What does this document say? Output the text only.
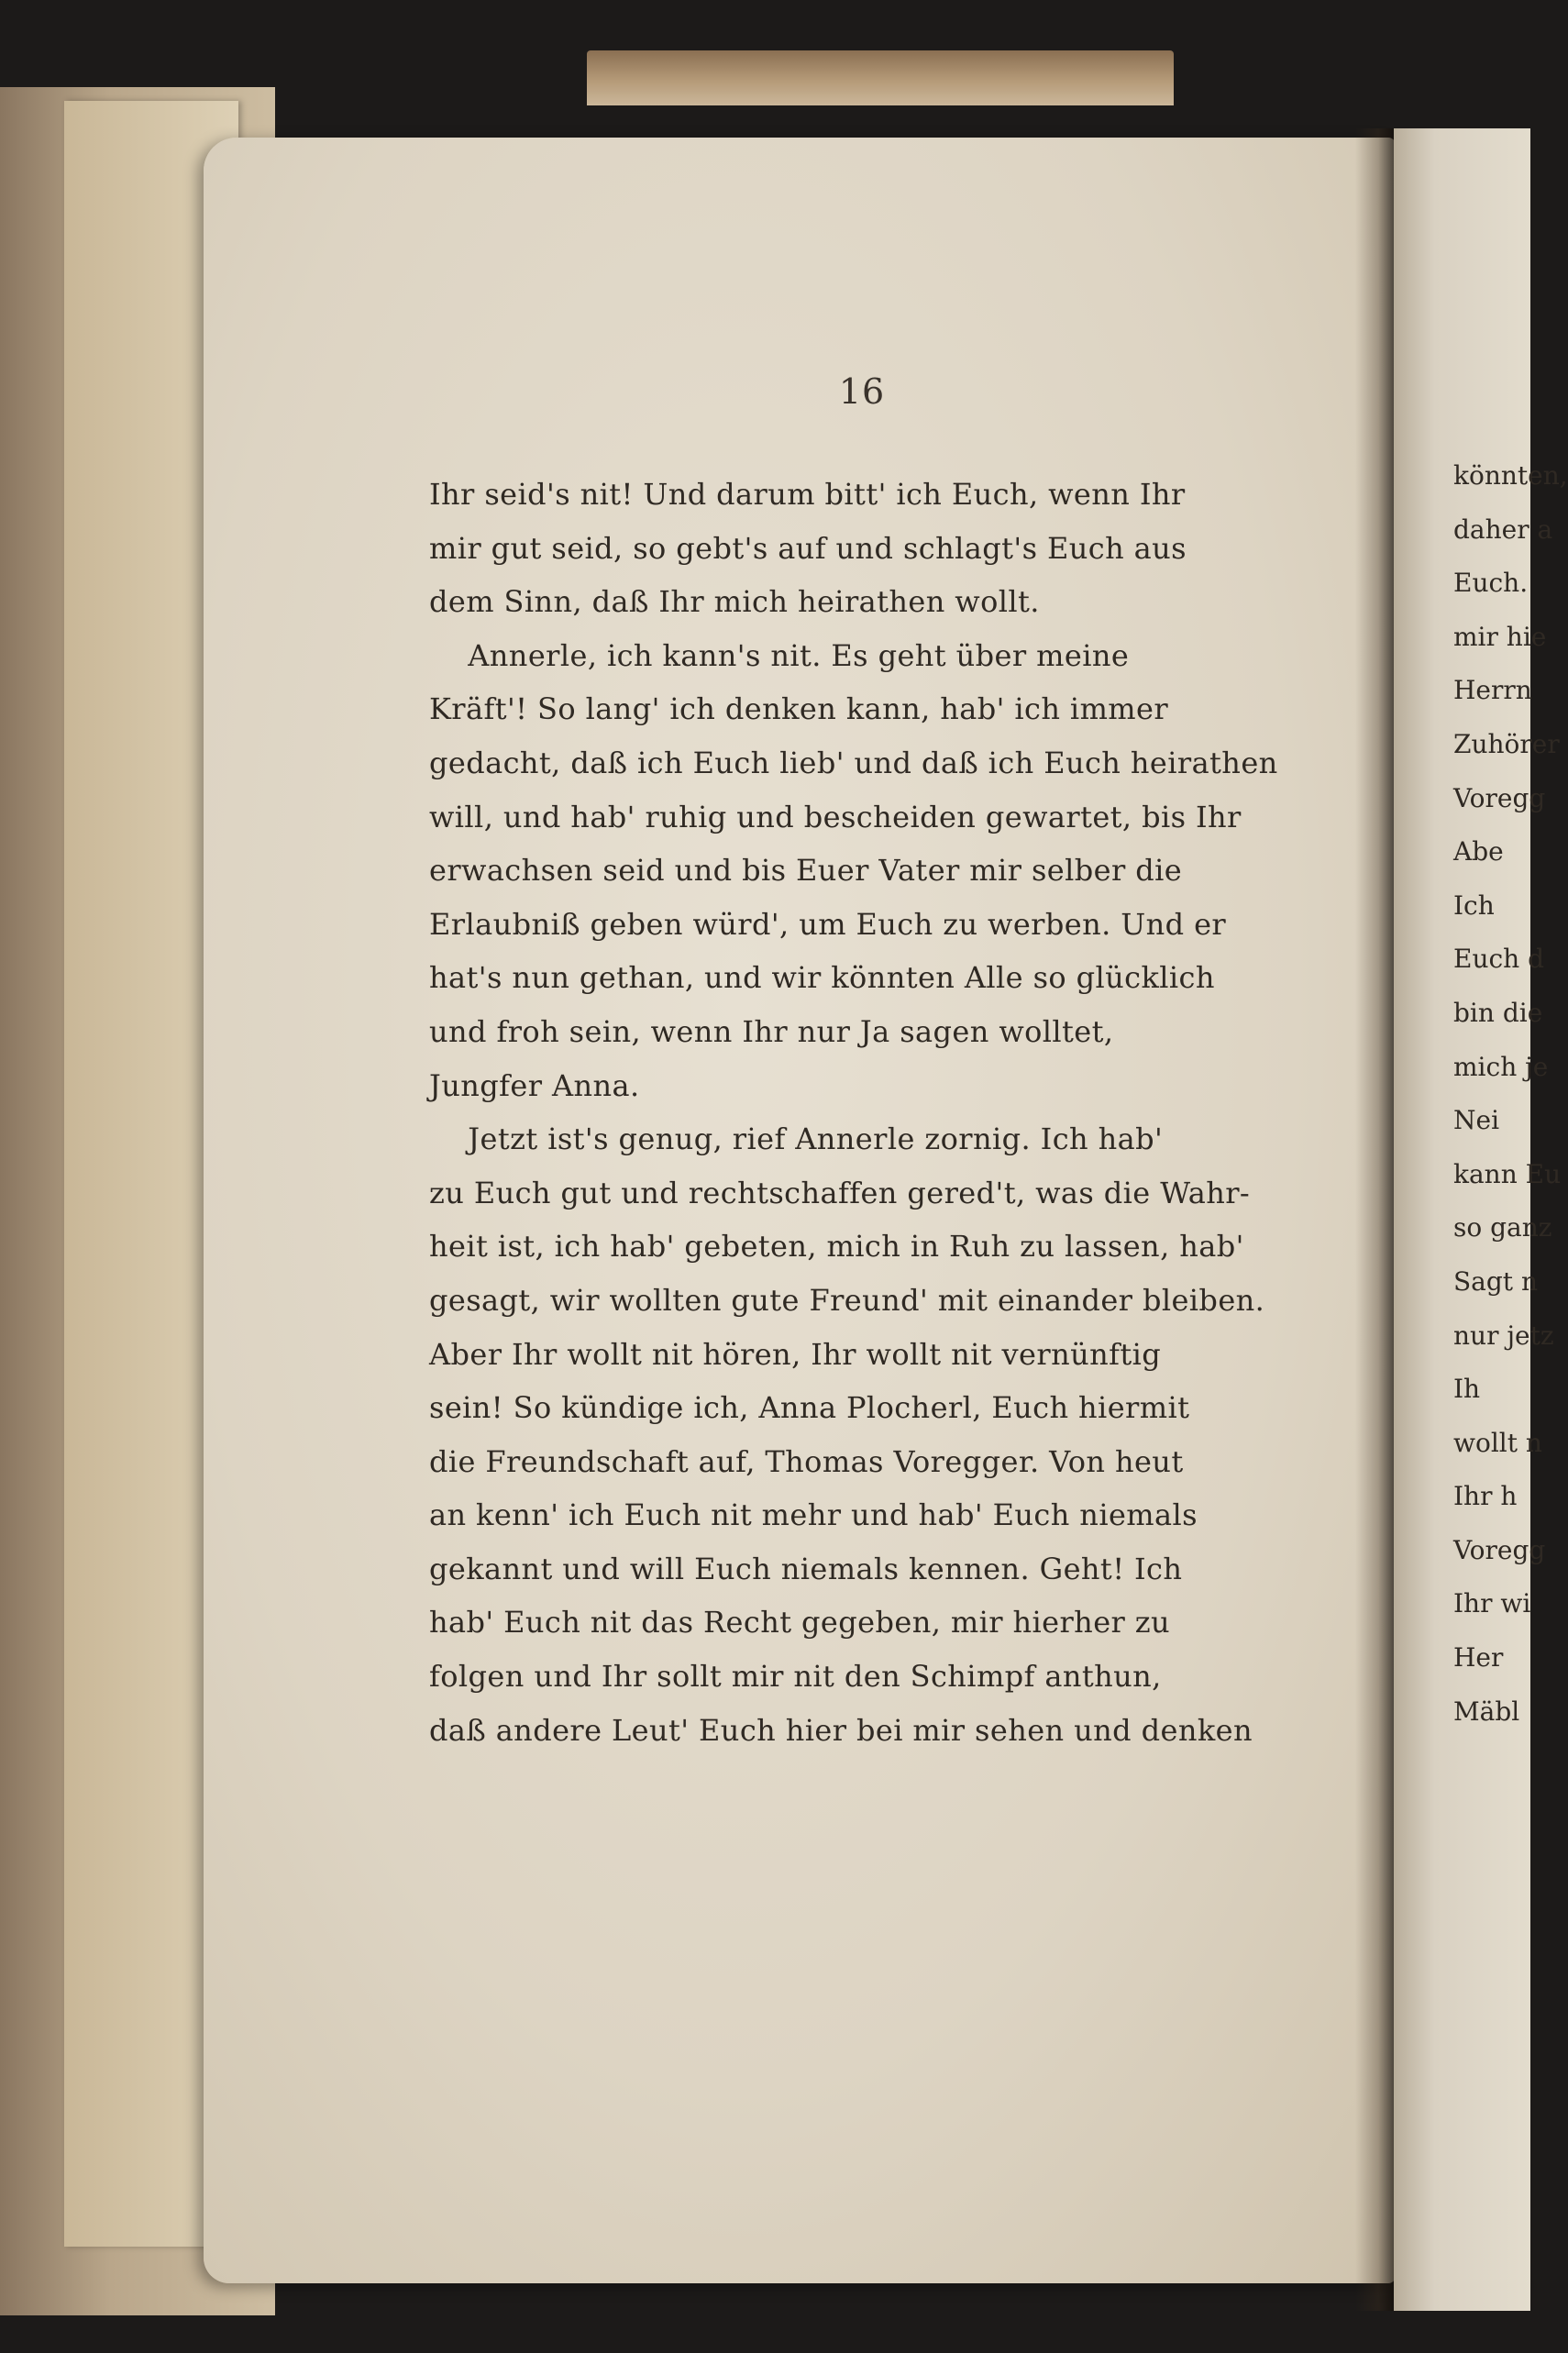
16
Ihr seid's nit! Und darum bitt' ich Euch, wenn Ihr
mir gut seid, so gebt's auf und schlagt's Euch aus
dem Sinn, daß Ihr mich heirathen wollt.
Annerle, ich kann's nit. Es geht über meine
Kräft'! So lang' ich denken kann, hab' ich immer
gedacht, daß ich Euch lieb' und daß ich Euch heirathen
will, und hab' ruhig und bescheiden gewartet, bis Ihr
erwachsen seid und bis Euer Vater mir selber die
Erlaubniß geben würd', um Euch zu werben. Und er
hat's nun gethan, und wir könnten Alle so glücklich
und froh sein, wenn Ihr nur Ja sagen wolltet,
Jungfer Anna.
Jetzt ist's genug, rief Annerle zornig. Ich hab'
zu Euch gut und rechtschaffen gered't, was die Wahr-
heit ist, ich hab' gebeten, mich in Ruh zu lassen, hab'
gesagt, wir wollten gute Freund' mit einander bleiben.
Aber Ihr wollt nit hören, Ihr wollt nit vernünftig
sein! So kündige ich, Anna Plocherl, Euch hiermit
die Freundschaft auf, Thomas Voregger. Von heut
an kenn' ich Euch nit mehr und hab' Euch niemals
gekannt und will Euch niemals kennen. Geht! Ich
hab' Euch nit das Recht gegeben, mir hierher zu
folgen und Ihr sollt mir nit den Schimpf anthun,
daß andere Leut' Euch hier bei mir sehen und denken
könnten,
daher a
Euch.
mir hie
Herrn
Zuhörer
Voregg
Abe
Ich
Euch d
bin die
mich je
Nei
kann Eu
so ganz
Sagt n
nur jetz
Ih
wollt n
Ihr h
Voregg
Ihr wi
Her
Mäbl
